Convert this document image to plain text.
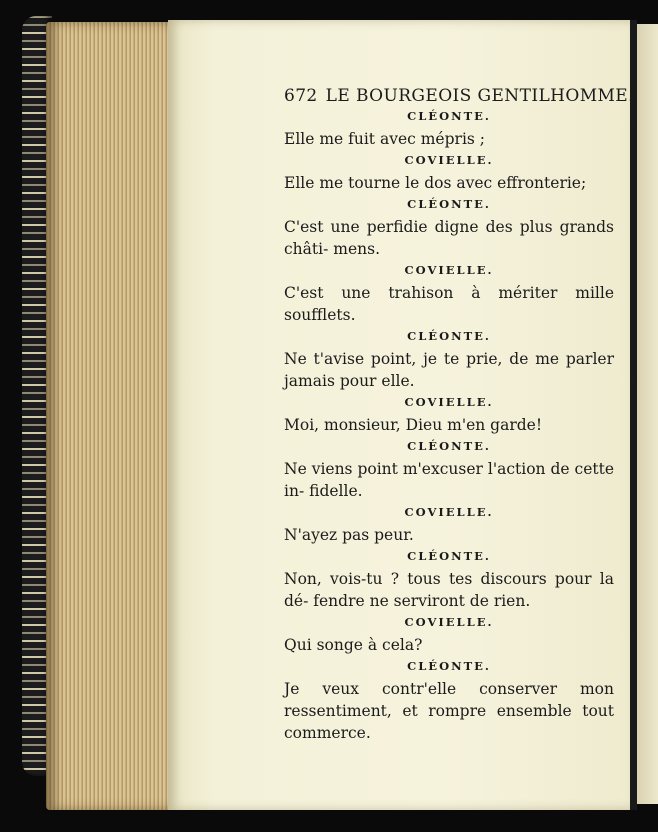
672 LE BOURGEOIS GENTILHOMME.
CLÉONTE.

Elle me fuit avec mépris ;

COVIELLE.

Elle me tourne le dos avec effronterie;

CLÉONTE.

C'est une perfidie digne des plus grands châti- mens.

COVIELLE.

C'est une trahison à mériter mille soufflets.

CLÉONTE.

Ne t'avise point, je te prie, de me parler jamais pour elle.

COVIELLE.

Moi, monsieur, Dieu m'en garde!

CLÉONTE.

Ne viens point m'excuser l'action de cette in- fidelle.

COVIELLE.

N'ayez pas peur.

CLÉONTE.

Non, vois-tu ? tous tes discours pour la dé- fendre ne serviront de rien.

COVIELLE.

Qui songe à cela?

CLÉONTE.

Je veux contr'elle conserver mon ressentiment, et rompre ensemble tout commerce.
